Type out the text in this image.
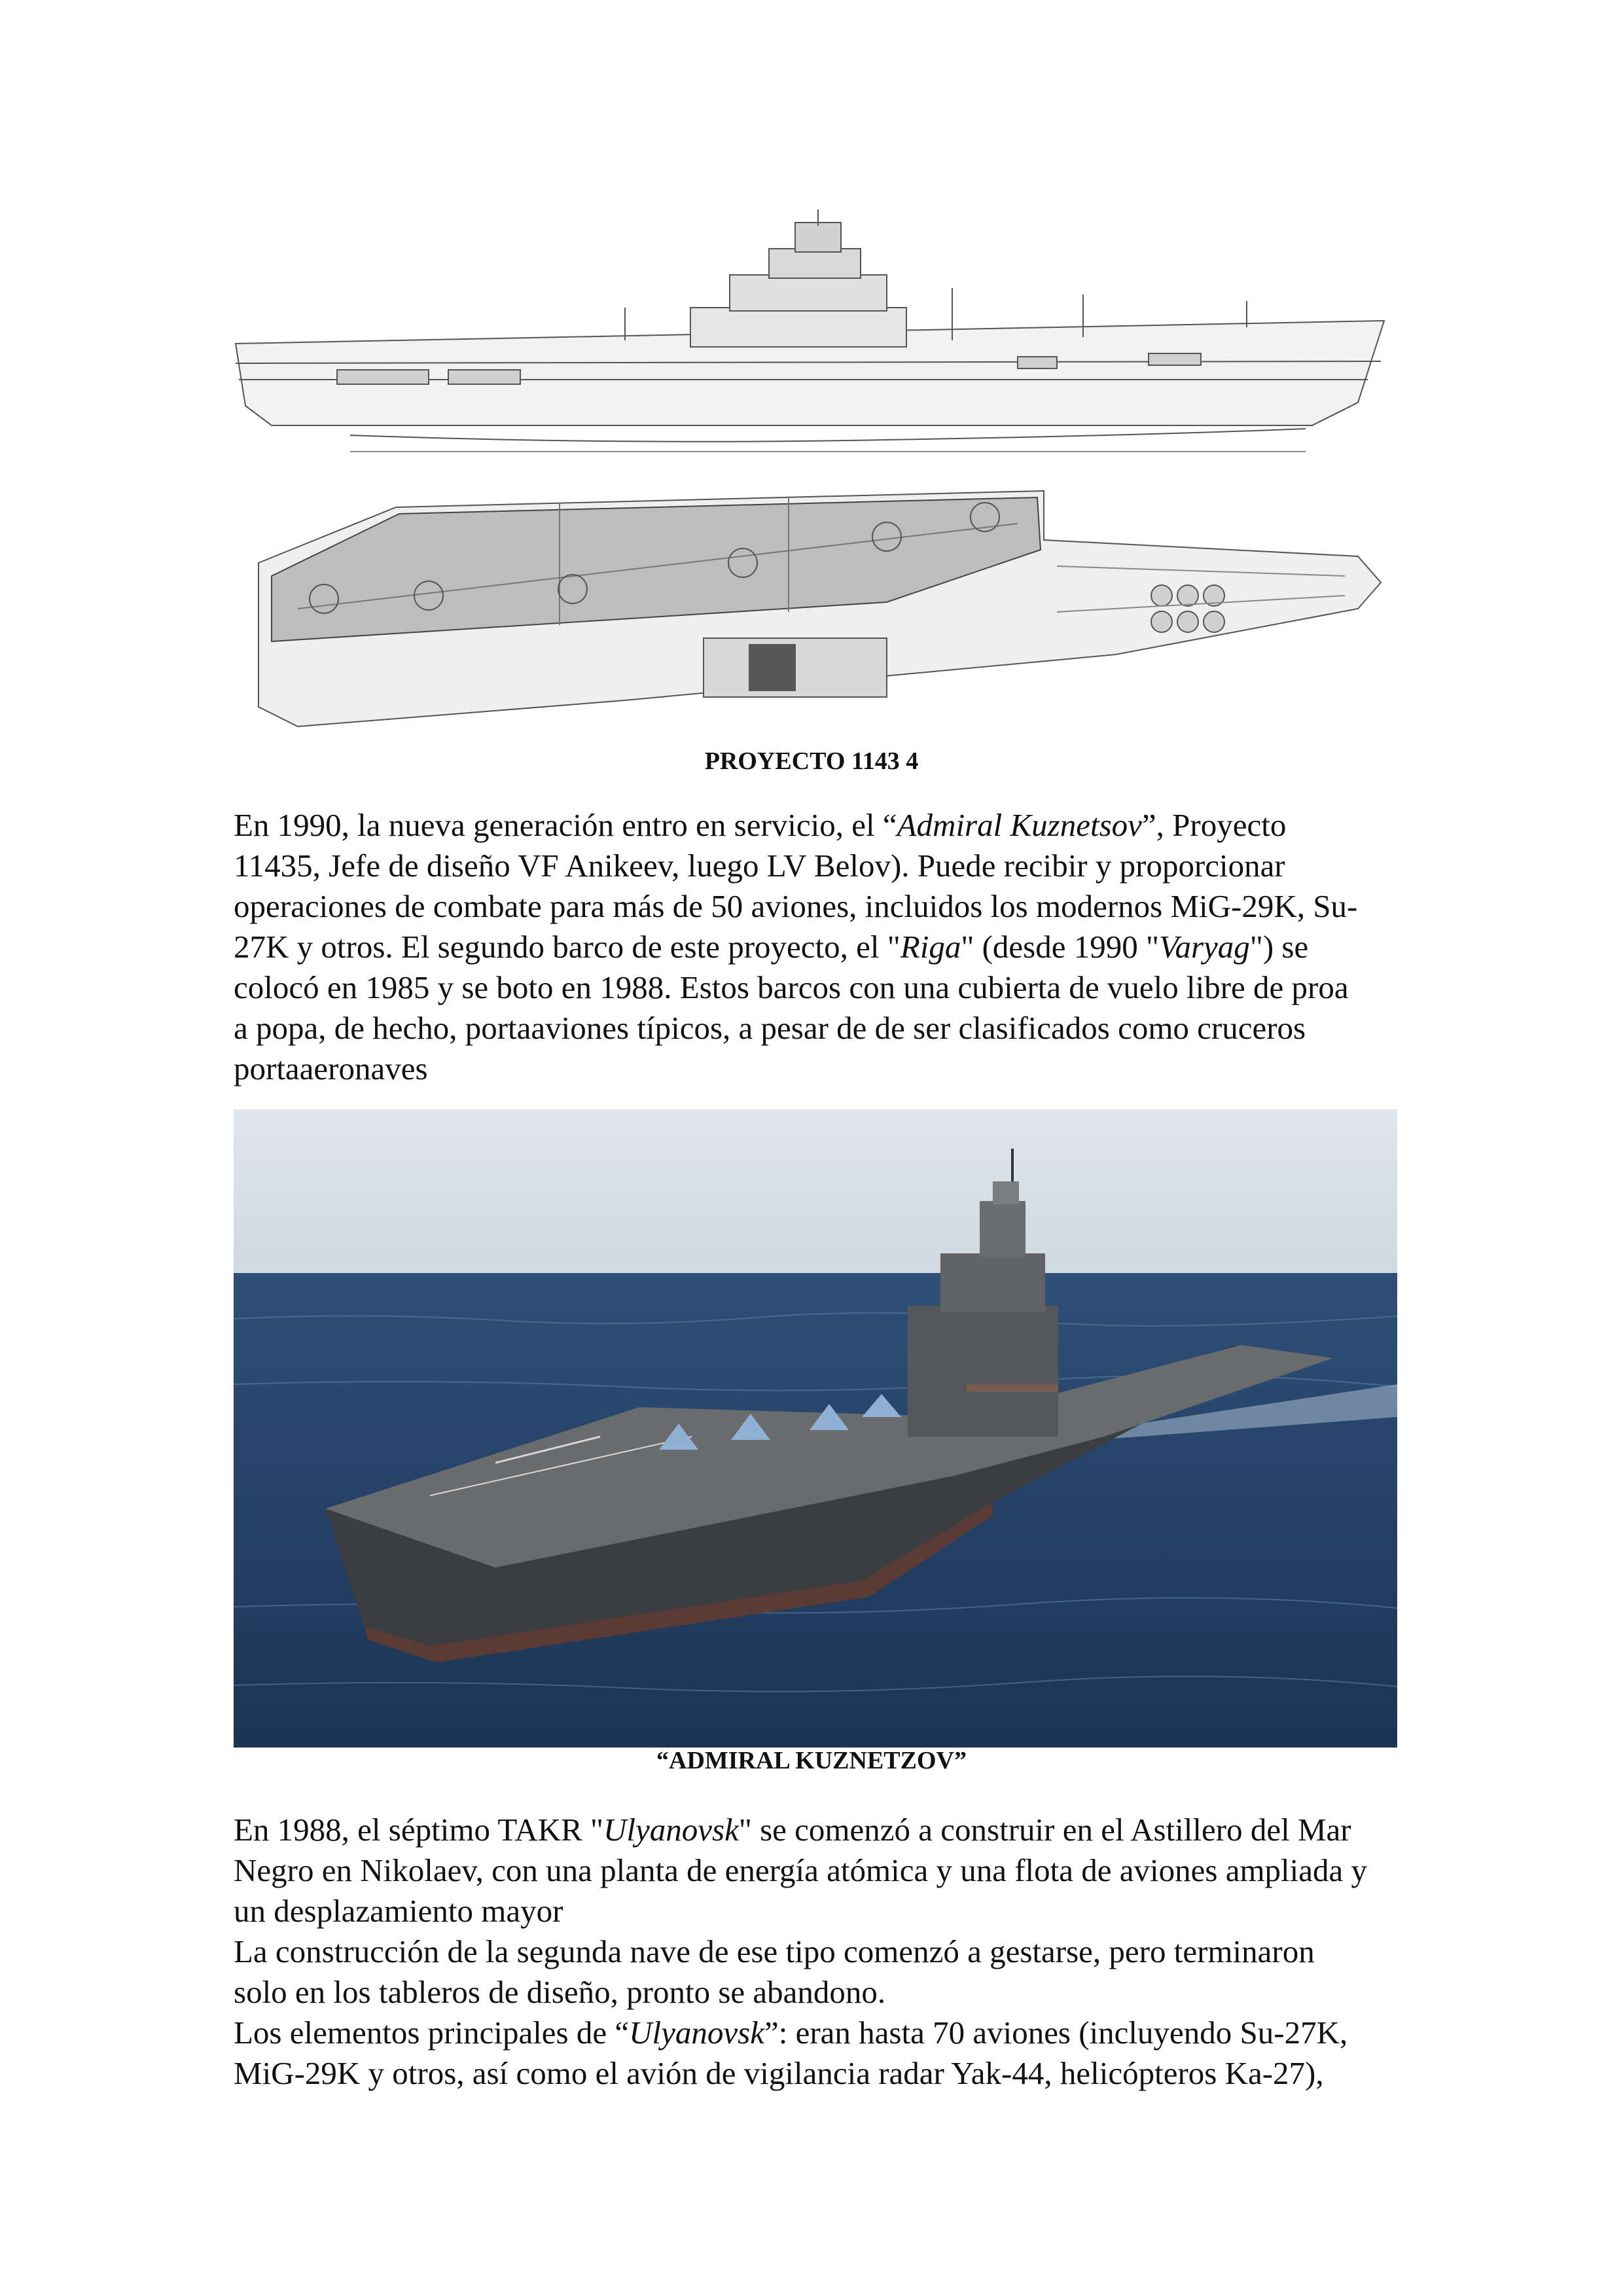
PROYECTO 1143 4

En 1990, la nueva generación entro en servicio, el “Admiral Kuznetsov”, Proyecto
11435, Jefe de diseño VF Anikeev, luego LV Belov). Puede recibir y proporcionar
operaciones de combate para más de 50 aviones, incluidos los modernos MiG-29K, Su-
27K y otros. El segundo barco de este proyecto, el "Riga" (desde 1990 "Varyag") se
colocó en 1985 y se boto en 1988. Estos barcos con una cubierta de vuelo libre de proa
a popa, de hecho, portaaviones típicos, a pesar de de ser clasificados como cruceros
portaaeronaves

“ADMIRAL KUZNETZOV”

En 1988, el séptimo TAKR "Ulyanovsk" se comenzó a construir en el Astillero del Mar
Negro en Nikolaev, con una planta de energía atómica y una flota de aviones ampliada y
un desplazamiento mayor
La construcción de la segunda nave de ese tipo comenzó a gestarse, pero terminaron
solo en los tableros de diseño, pronto se abandono.
Los elementos principales de “Ulyanovsk”: eran hasta 70 aviones (incluyendo Su-27K,
MiG-29K y otros, así como el avión de vigilancia radar Yak-44, helicópteros Ka-27),
